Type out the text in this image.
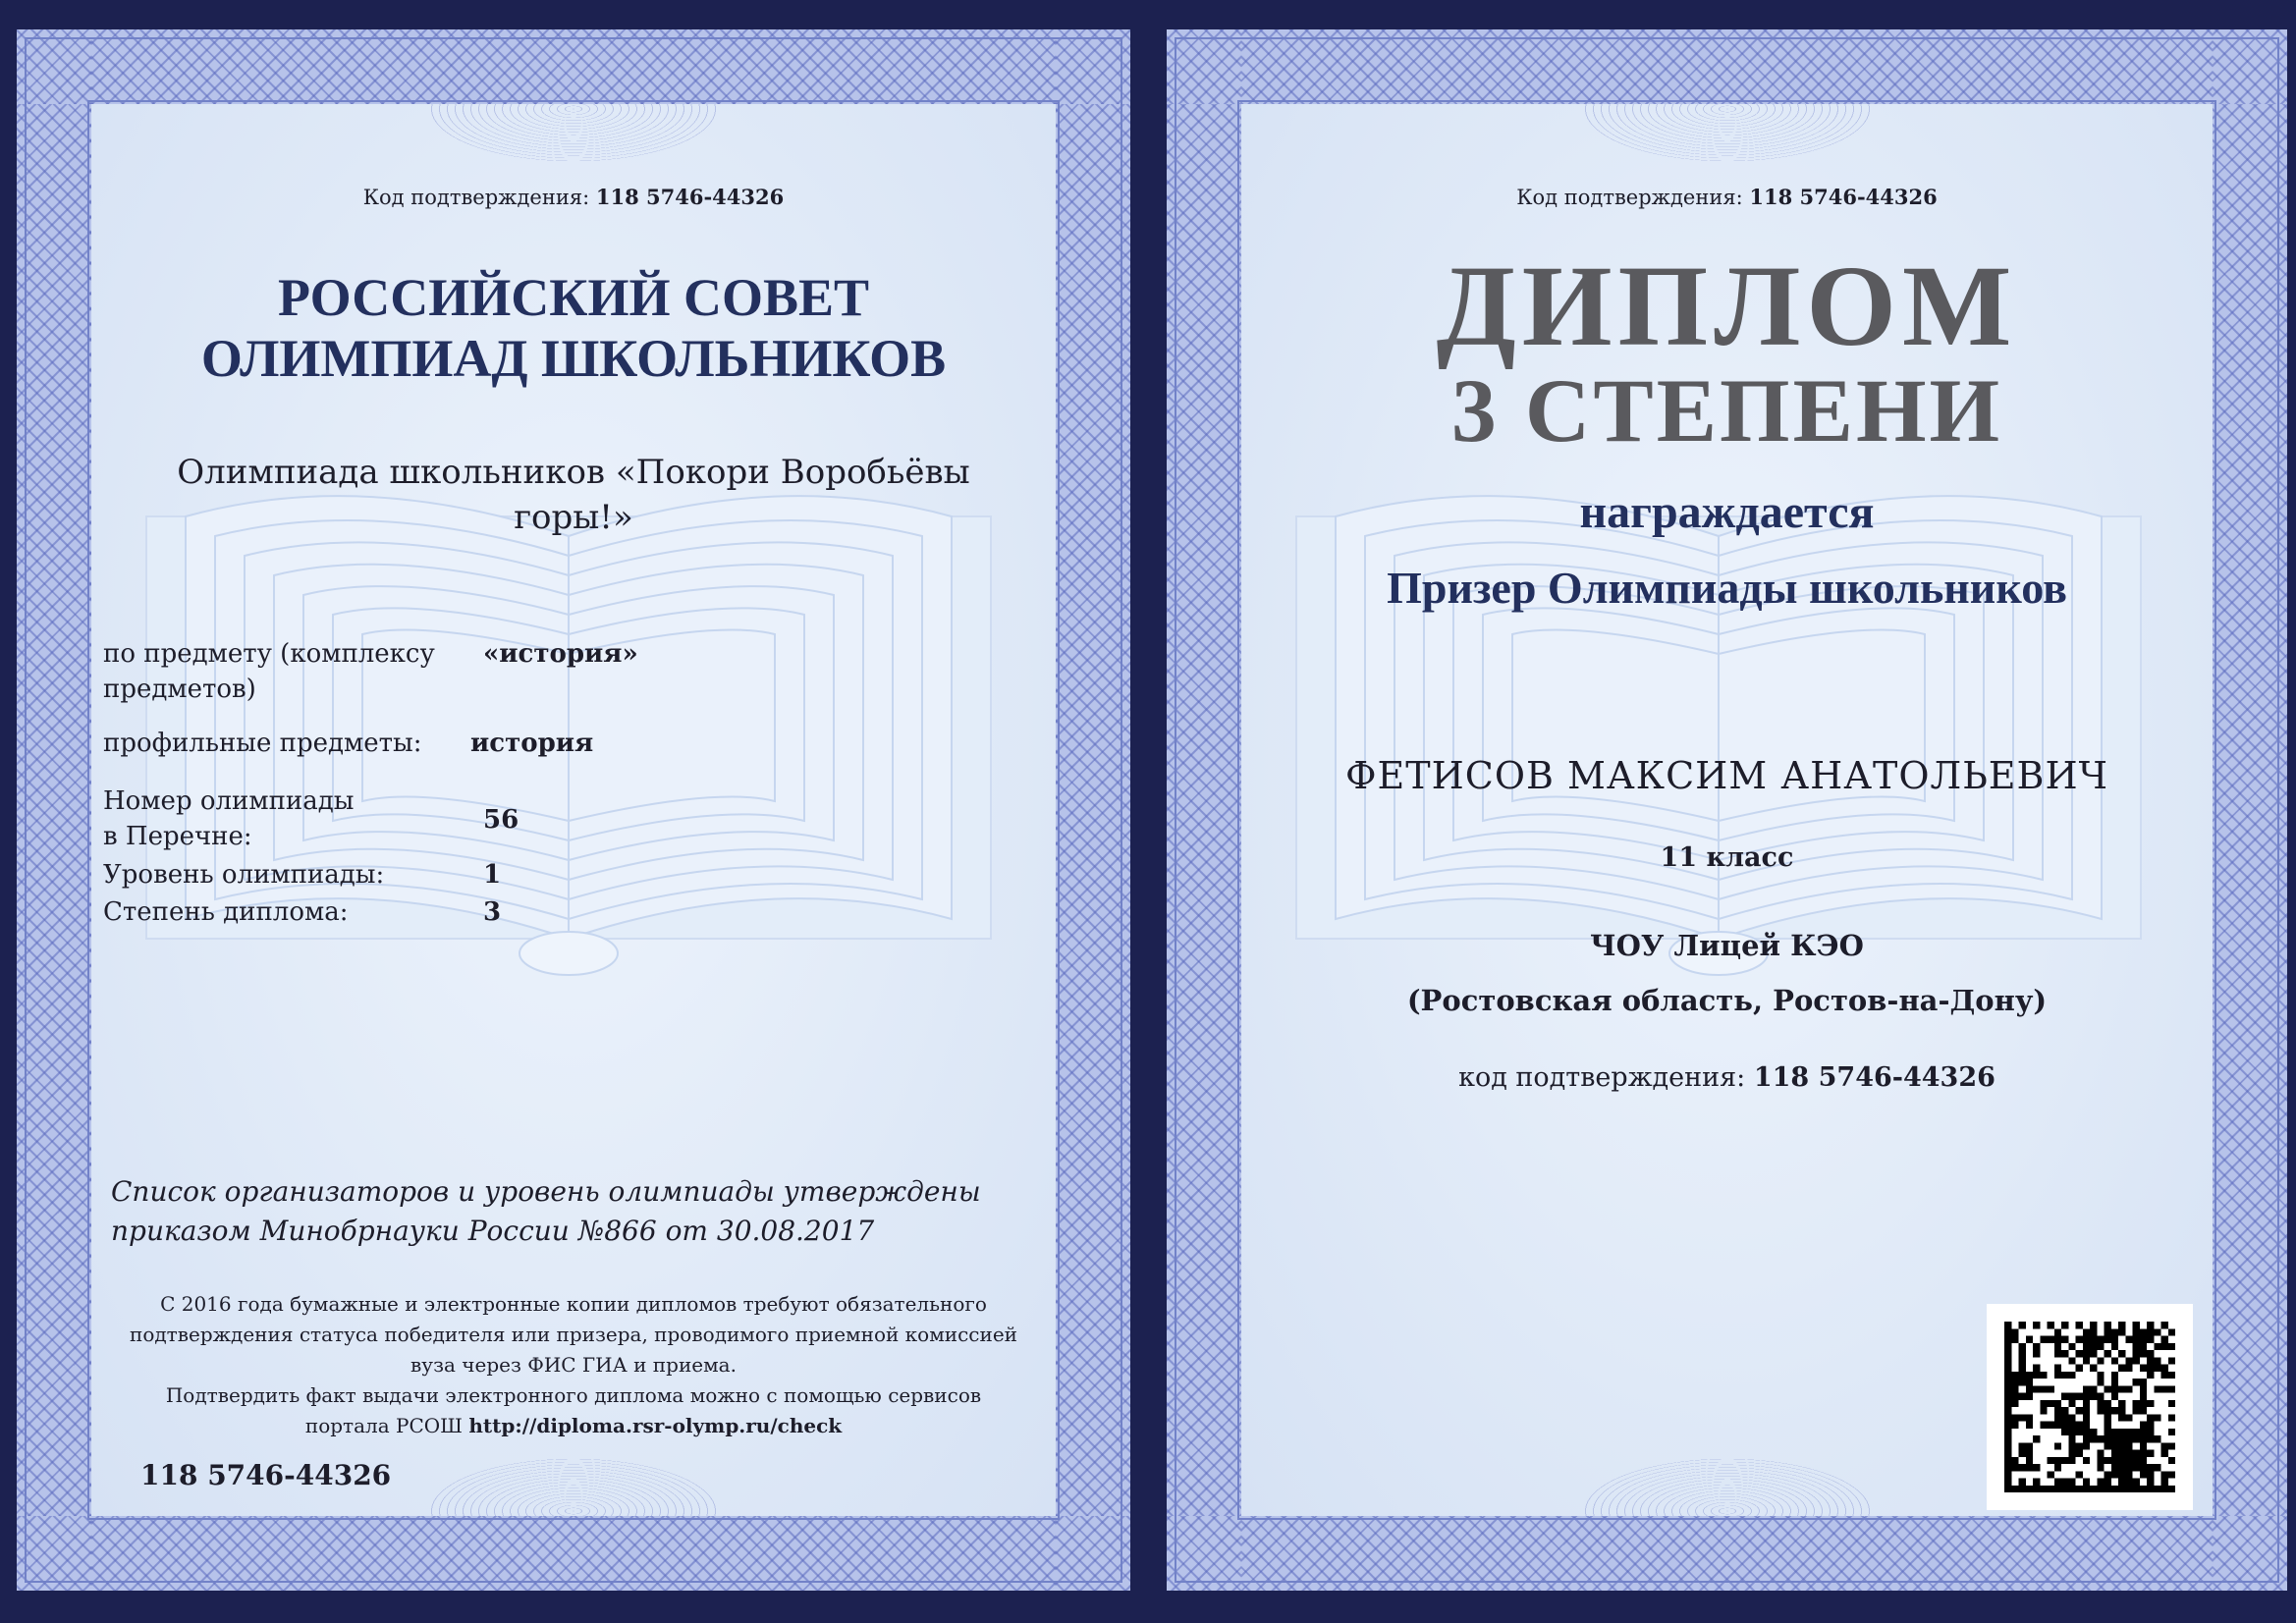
Код подтверждения: 118 5746-44326
РОССИЙСКИЙ СОВЕТ
ОЛИМПИАД ШКОЛЬНИКОВ
Олимпиада школьников «Покори Воробьёвы горы!»
по предмету (комплексу предметов)
«история»
профильные предметы: история
Номер олимпиады
в Перечне:
56
Уровень олимпиады:	1
Степень диплома:	3
Список организаторов и уровень олимпиады утверждены
приказом Минобрнауки России №866 от 30.08.2017
С 2016 года бумажные и электронные копии дипломов требуют обязательного
подтверждения статуса победителя или призера, проводимого приемной комиссией
вуза через ФИС ГИА и приема.
Подтвердить факт выдачи электронного диплома можно с помощью сервисов
портала РСОШ http://diploma.rsr-olymp.ru/check
118 5746-44326
Код подтверждения: 118 5746-44326
ДИПЛОМ
3 СТЕПЕНИ
награждается
Призер Олимпиады школьников
ФЕТИСОВ МАКСИМ АНАТОЛЬЕВИЧ
11 класс
ЧОУ Лицей КЭО
(Ростовская область, Ростов-на-Дону)
код подтверждения: 118 5746-44326
